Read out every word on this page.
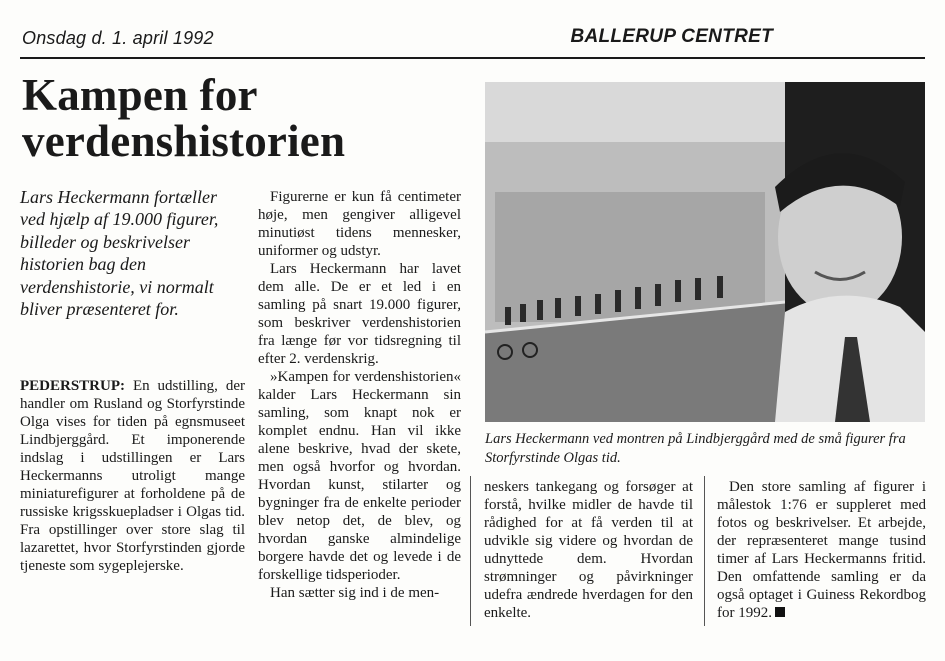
Onsdag d. 1. april 1992	BALLERUP CENTRET
Kampen for
verdenshistorien
Lars Heckermann fortæller ved hjælp af 19.000 figurer, billeder og beskrivelser historien bag den verdenshistorie, vi normalt bliver præsenteret for.

PEDERSTRUP: En udstilling, der handler om Rusland og Storfyrstinde Olga vises for tiden på egnsmuseet Lindbjerggård. Et imponerende indslag i udstillingen er Lars Heckermanns utroligt mange miniaturefigurer at forholdene på de russiske krigsskuepladser i Olgas tid. Fra opstillinger over store slag til lazarettet, hvor Storfyrstinden gjorde tjeneste som sygeplejerske.

Figurerne er kun få centimeter høje, men gengiver alligevel minutiøst tidens mennesker, uniformer og udstyr.

Lars Heckermann har lavet dem alle. De er et led i en samling på snart 19.000 figurer, som beskriver verdenshistorien fra længe før vor tidsregning til efter 2. verdenskrig.

»Kampen for verdenshistorien« kalder Lars Heckermann sin samling, som knapt nok er komplet endnu. Han vil ikke alene beskrive, hvad der skete, men også hvorfor og hvordan. Hvordan kunst, stilarter og bygninger fra de enkelte perioder blev netop det, de blev, og hvordan ganske almindelige borgere havde det og levede i de forskellige tidsperioder.

Han sætter sig ind i de men-

Lars Heckermann ved montren på Lindbjerggård med de små figurer fra Storfyrstinde Olgas tid.

neskers tankegang og forsøger at forstå, hvilke midler de havde til rådighed for at få verden til at udvikle sig videre og hvordan de udnyttede dem. Hvordan strømninger og påvirkninger udefra ændrede hverdagen for den enkelte.

Den store samling af figurer i målestok 1:76 er suppleret med fotos og beskrivelser. Et arbejde, der repræsenteret mange tusind timer af Lars Heckermanns fritid. Den omfattende samling er da også optaget i Guiness Rekordbog for 1992.
